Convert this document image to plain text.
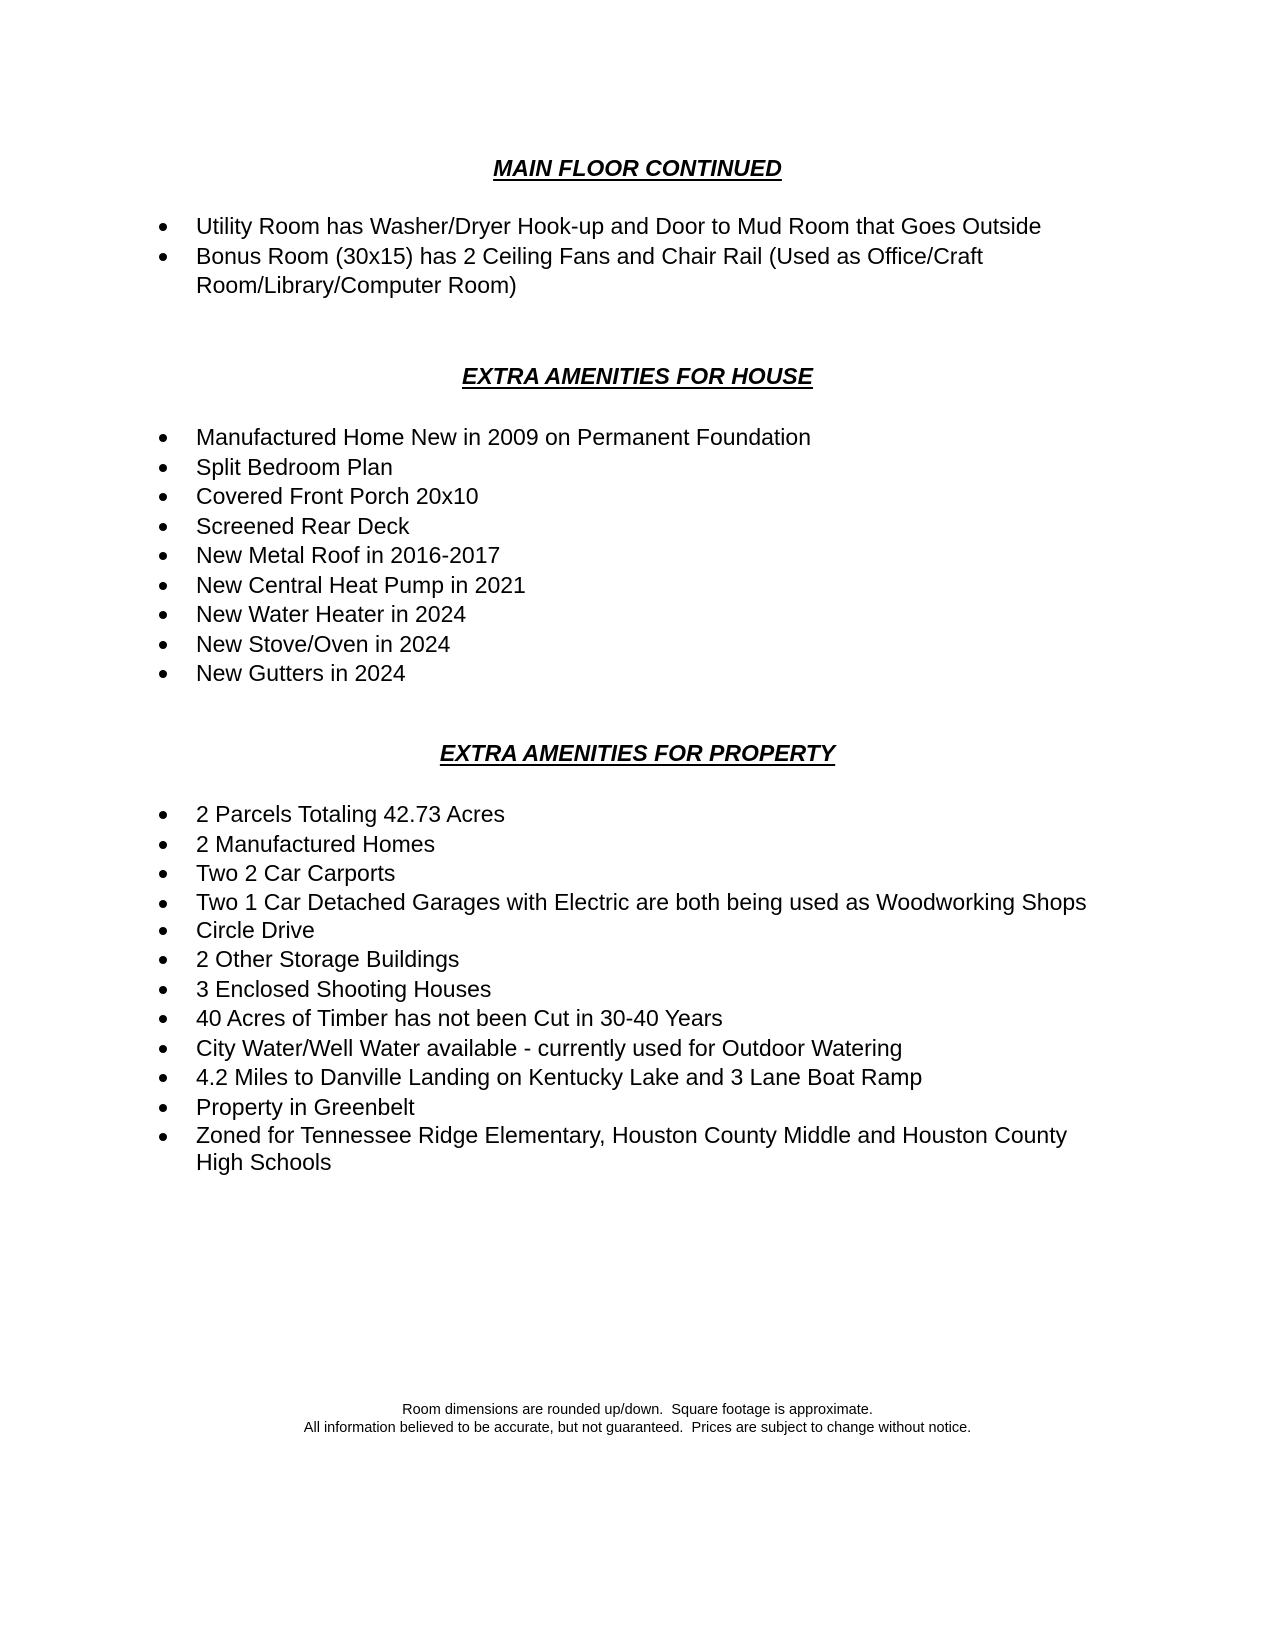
MAIN FLOOR CONTINUED
Utility Room has Washer/Dryer Hook-up and Door to Mud Room that Goes Outside
Bonus Room (30x15) has 2 Ceiling Fans and Chair Rail (Used as Office/Craft Room/Library/Computer Room)
EXTRA AMENITIES FOR HOUSE
Manufactured Home New in 2009 on Permanent Foundation
Split Bedroom Plan
Covered Front Porch 20x10
Screened Rear Deck
New Metal Roof in 2016-2017
New Central Heat Pump in 2021
New Water Heater in 2024
New Stove/Oven in 2024
New Gutters in 2024
EXTRA AMENITIES FOR PROPERTY
2 Parcels Totaling 42.73 Acres
2 Manufactured Homes
Two 2 Car Carports
Two 1 Car Detached Garages with Electric are both being used as Woodworking Shops
Circle Drive
2 Other Storage Buildings
3 Enclosed Shooting Houses
40 Acres of Timber has not been Cut in 30-40 Years
City Water/Well Water available - currently used for Outdoor Watering
4.2 Miles to Danville Landing on Kentucky Lake and 3 Lane Boat Ramp
Property in Greenbelt
Zoned for Tennessee Ridge Elementary, Houston County Middle and Houston County High Schools
Room dimensions are rounded up/down.  Square footage is approximate.
All information believed to be accurate, but not guaranteed.  Prices are subject to change without notice.
